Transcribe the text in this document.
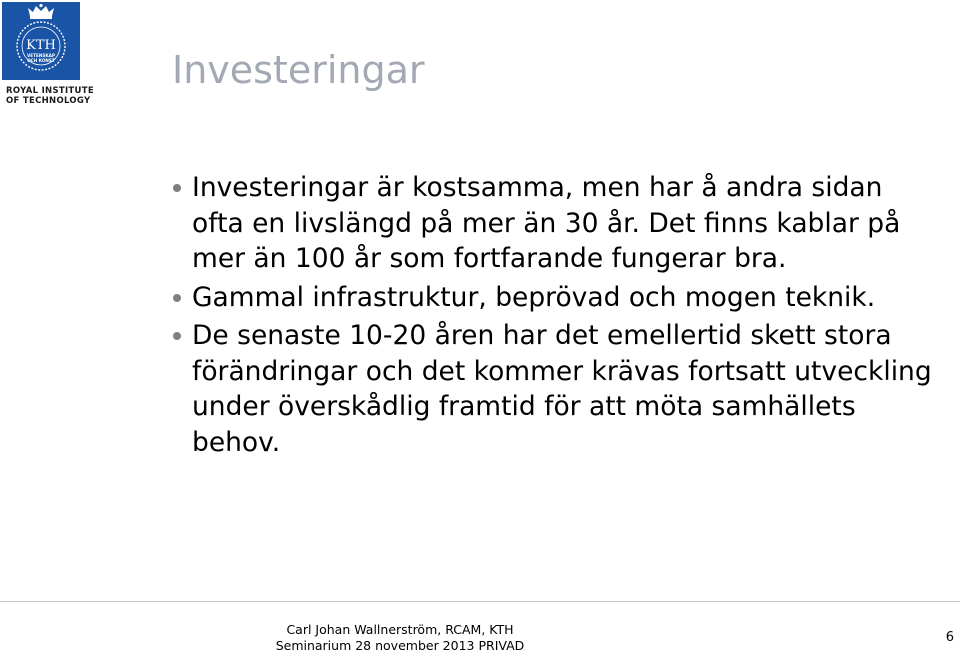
KTH
VETENSKAP
OCH KONST
ROYAL INSTITUTE
OF TECHNOLOGY
Investeringar
Investeringar är kostsamma, men har å andra sidan ofta en livslängd på mer än 30 år. Det finns kablar på mer än 100 år som fortfarande fungerar bra.
Gammal infrastruktur, beprövad och mogen teknik.
De senaste 10-20 åren har det emellertid skett stora förändringar och det kommer krävas fortsatt utveckling under överskådlig framtid för att möta samhällets behov.
Carl Johan Wallnerström, RCAM, KTH
Seminarium 28 november 2013 PRIVAD
6
